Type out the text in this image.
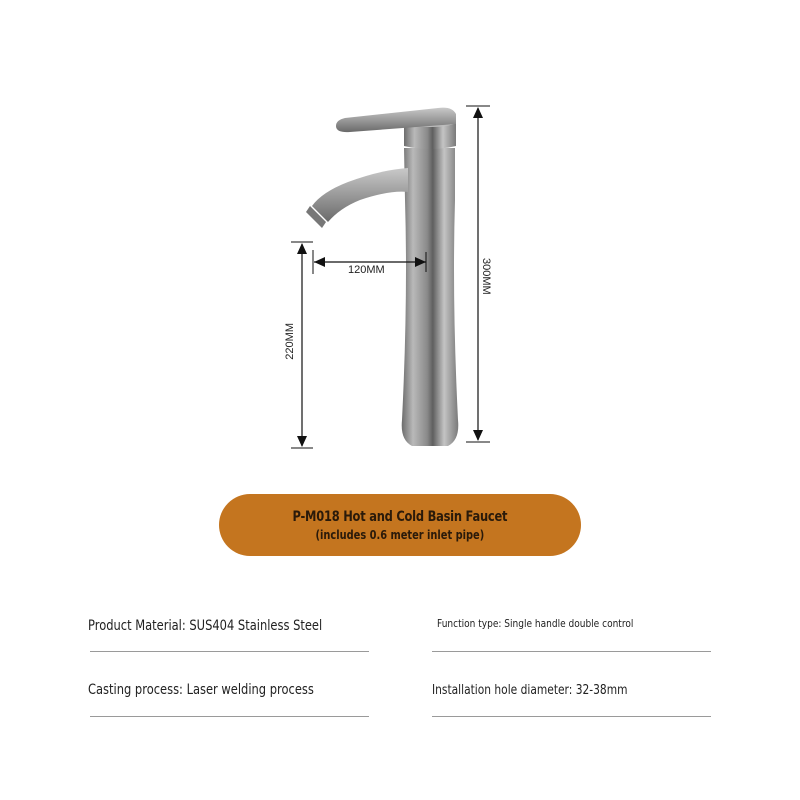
120MM
220MM
300MM
P-M018 Hot and Cold Basin Faucet
(includes 0.6 meter inlet pipe)
Product Material: SUS404 Stainless Steel	Function type: Single handle double control
Casting process: Laser welding process	Installation hole diameter: 32-38mm
